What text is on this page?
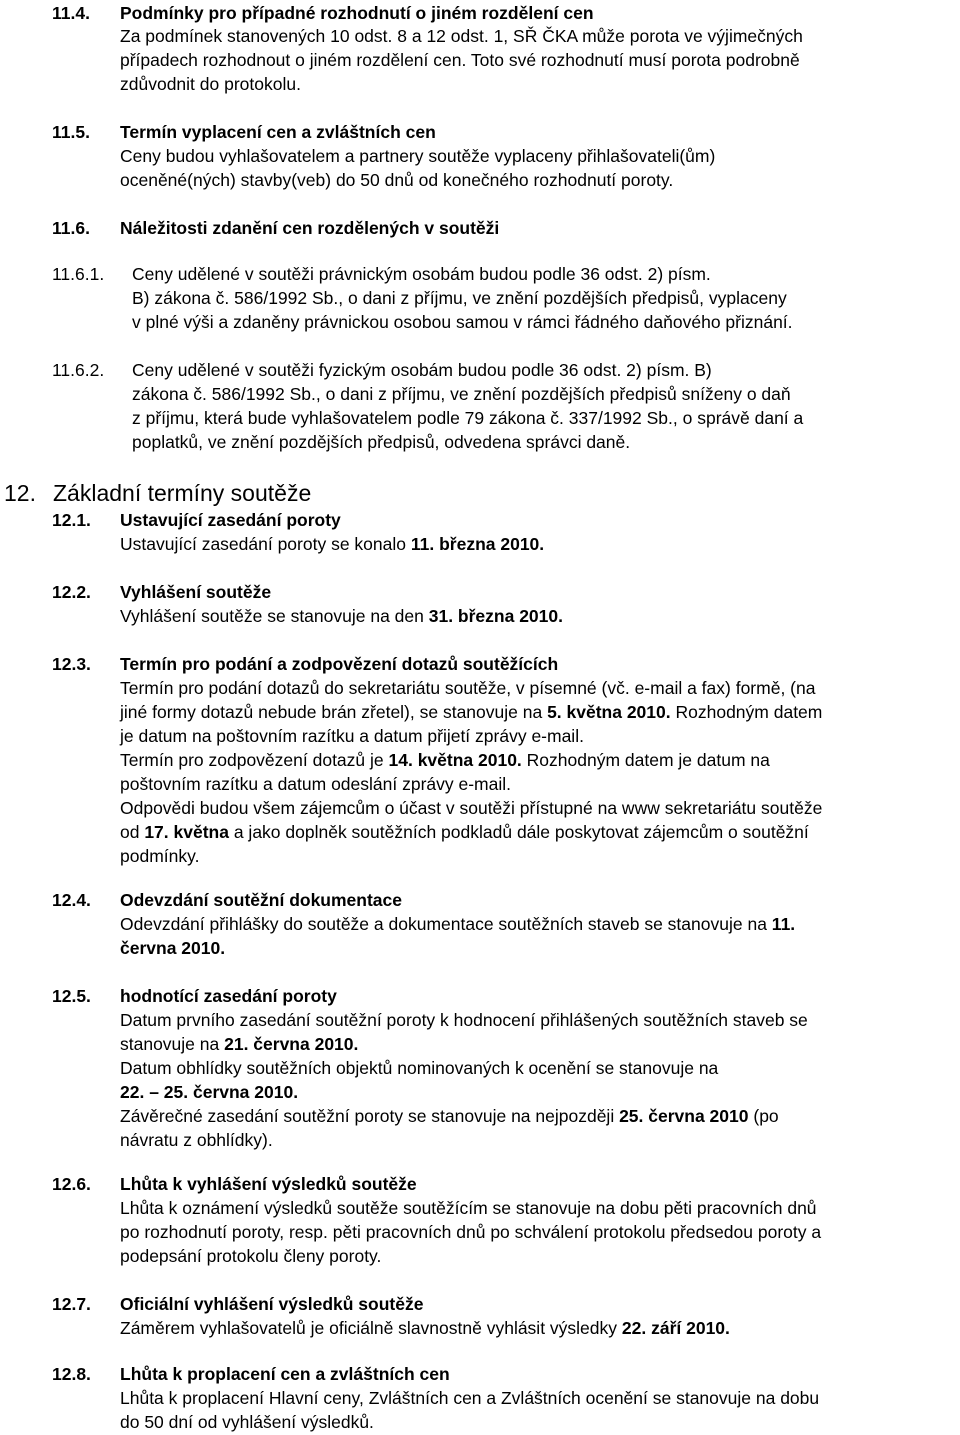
11.4. Podmínky pro případné rozhodnutí o jiném rozdělení cen
Za podmínek stanovených 10 odst. 8 a 12 odst. 1, SŘ ČKA může porota ve výjimečných
případech rozhodnout o jiném rozdělení cen. Toto své rozhodnutí musí porota podrobně
zdůvodnit do protokolu.
11.5. Termín vyplacení cen a zvláštních cen
Ceny budou vyhlašovatelem a partnery soutěže vyplaceny přihlašovateli(ům)
oceněné(ných) stavby(veb) do 50 dnů od konečného rozhodnutí poroty.
11.6. Náležitosti zdanění cen rozdělených v soutěži
11.6.1. Ceny udělené v soutěži právnickým osobám budou podle 36 odst. 2) písm.
B) zákona č. 586/1992 Sb., o dani z příjmu, ve znění pozdějších předpisů, vyplaceny
v plné výši a zdaněny právnickou osobou samou v rámci řádného daňového přiznání.
11.6.2. Ceny udělené v soutěži fyzickým osobám budou podle 36 odst. 2) písm. B)
zákona č. 586/1992 Sb., o dani z příjmu, ve znění pozdějších předpisů sníženy o daň
z příjmu, která bude vyhlašovatelem podle 79 zákona č. 337/1992 Sb., o správě daní a
poplatků, ve znění pozdějších předpisů, odvedena správci daně.
12. Základní termíny soutěže
12.1. Ustavující zasedání poroty
Ustavující zasedání poroty se konalo 11. března 2010.
12.2. Vyhlášení soutěže
Vyhlášení soutěže se stanovuje na den 31. března 2010.
12.3. Termín pro podání a zodpovězení dotazů soutěžících
Termín pro podání dotazů do sekretariátu soutěže, v písemné (vč. e-mail a fax) formě, (na
jiné formy dotazů nebude brán zřetel), se stanovuje na 5. května 2010. Rozhodným datem
je datum na poštovním razítku a datum přijetí zprávy e-mail.
Termín pro zodpovězení dotazů je 14. května 2010. Rozhodným datem je datum na
poštovním razítku a datum odeslání zprávy e-mail.
Odpovědi budou všem zájemcům o účast v soutěži přístupné na www sekretariátu soutěže
od 17. května a jako doplněk soutěžních podkladů dále poskytovat zájemcům o soutěžní
podmínky.
12.4. Odevzdání soutěžní dokumentace
Odevzdání přihlášky do soutěže a dokumentace soutěžních staveb se stanovuje na 11.
června 2010.
12.5. hodnotící zasedání poroty
Datum prvního zasedání soutěžní poroty k hodnocení přihlášených soutěžních staveb se
stanovuje na 21. června 2010.
Datum obhlídky soutěžních objektů nominovaných k ocenění se stanovuje na
22. – 25. června 2010.
Závěrečné zasedání soutěžní poroty se stanovuje na nejpozději 25. června 2010 (po
návratu z obhlídky).
12.6. Lhůta k vyhlášení výsledků soutěže
Lhůta k oznámení výsledků soutěže soutěžícím se stanovuje na dobu pěti pracovních dnů
po rozhodnutí poroty, resp. pěti pracovních dnů po schválení protokolu předsedou poroty a
podepsání protokolu členy poroty.
12.7. Oficiální vyhlášení výsledků soutěže
Záměrem vyhlašovatelů je oficiálně slavnostně vyhlásit výsledky 22. září 2010.
12.8. Lhůta k proplacení cen a zvláštních cen
Lhůta k proplacení Hlavní ceny, Zvláštních cen a Zvláštních ocenění se stanovuje na dobu
do 50 dní od vyhlášení výsledků.
